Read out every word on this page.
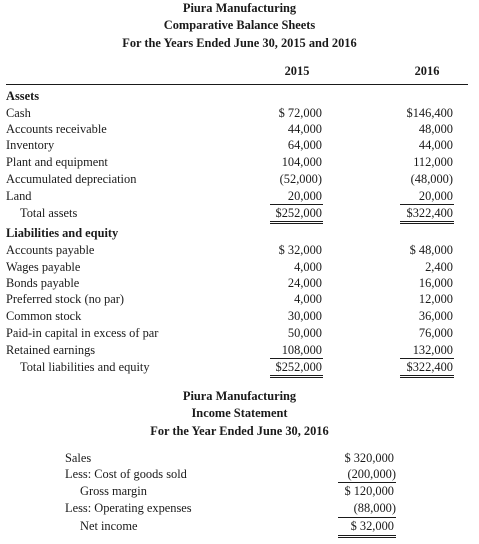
Piura Manufacturing
Comparative Balance Sheets
For the Years Ended June 30, 2015 and 2016
2015	2016
Assets
Cash	$ 72,000	$146,400
Accounts receivable	44,000	48,000
Inventory	64,000	44,000
Plant and equipment	104,000	112,000
Accumulated depreciation	(52,000)	(48,000)
Land	20,000	20,000
Total assets	$252,000	$322,400
Liabilities and equity
Accounts payable	$ 32,000	$ 48,000
Wages payable	4,000	2,400
Bonds payable	24,000	16,000
Preferred stock (no par)	4,000	12,000
Common stock	30,000	36,000
Paid-in capital in excess of par	50,000	76,000
Retained earnings	108,000	132,000
Total liabilities and equity	$252,000	$322,400
Piura Manufacturing
Income Statement
For the Year Ended June 30, 2016
Sales	$ 320,000
Less: Cost of goods sold	(200,000)
Gross margin	$ 120,000
Less: Operating expenses	(88,000)
Net income	$ 32,000
